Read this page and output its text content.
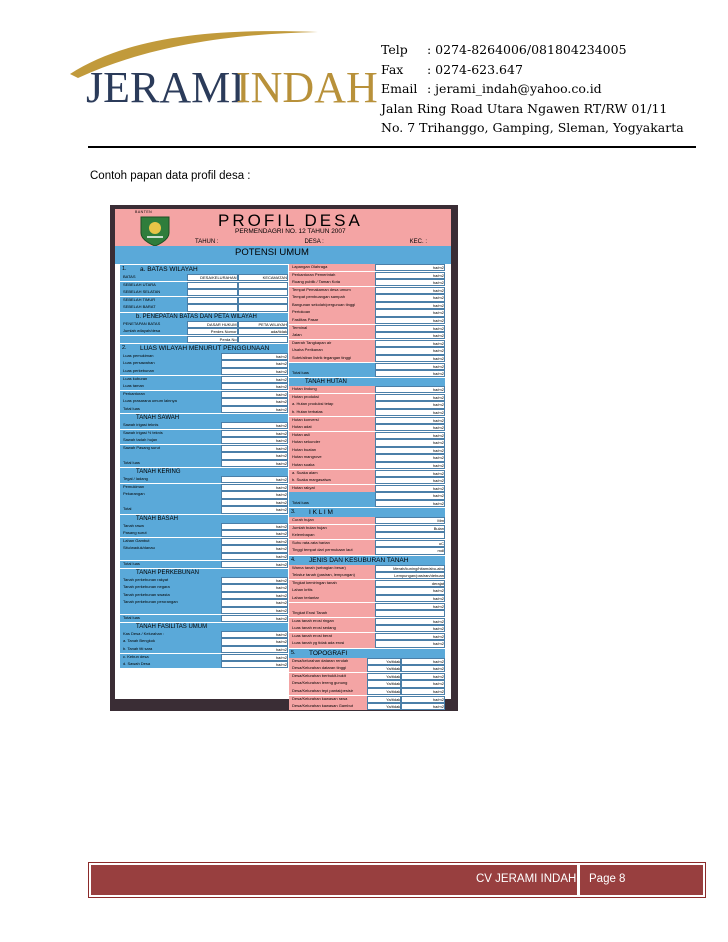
JERAMI
INDAH
Telp	: 0274-8264006/081804234005
Fax	: 0274-623.647
Email : jerami_indah@yahoo.co.id
Jalan Ring Road Utara Ngawen RT/RW 01/11
No. 7 Trihanggo, Gamping, Sleman, Yogyakarta
Contoh papan data profil desa :
BANTEN	PROFIL DESA
PERMENDAGRI NO. 12 TAHUN 2007
TAHUN :	DESA :	KEC. :
POTENSI UMUM
1.	a. BATAS WILAYAH
BATAS	DESA/KELURAHAN	KECAMATAN
SEBELAH UTARA
SEBELAH SELATAN
SEBELAH TIMUR
SEBELAH BARAT
b. PENEPATAN BATAS DAN PETA WILAYAH
PENETAPAN BATAS	DASAR HUKUM	PETA WILAYAH
Jumlah wilayah/desa	Perdes Nomor	ada/tidak
Perda No
2.	LUAS WILAYAH MENURUT PENGGUNAAN
Luas pemukiman	ha/m2
Luas persawahan	ha/m2
Luas perkebunan	ha/m2
Luas kuburan	ha/m2
Luas taman	ha/m2
Perkantoran	ha/m2
Luas prasarana umum lainnya	ha/m2
Total luas	ha/m2
TANAH SAWAH
Sawah irigasi teknis	ha/m2
Sawah irigasi ½ teknis	ha/m2
Sawah tadah hujan	ha/m2
Sawah Pasang surut	ha/m2
ha/m2
Total luas	ha/m2
TANAH KERING
Tegal / ladang	ha/m2
Pemukiman	ha/m2
Pekarangan	ha/m2
ha/m2
Total	ha/m2
TANAH BASAH
Tanah rawa	ha/m2
Pasang surut	ha/m2
Lahan Gambut	ha/m2
Situ/waduk/danau	ha/m2
ha/m2
Total luas	ha/m2
TANAH PERKEBUNAN
Tanah perkebunan rakyat	ha/m2
Tanah perkebunan negara	ha/m2
Tanah perkebunan swasta	ha/m2
Tanah perkebunan perorangan	ha/m2
ha/m2
Total luas	ha/m2
TANAH FASILITAS UMUM
Kas Desa / Kelurahan :	ha/m2
a. Tanah Bengkok	ha/m2
b. Tanah titi sara	ha/m2
c. Kebun desa	ha/m2
d. Sawah Desa	ha/m2
Lapangan Olahraga	ha/m2
Perkantoran Pemerintah	ha/m2
Ruang publik / Taman Kota	ha/m2
Tempat Pemakaman desa umum	ha/m2
Tempat pembuangan sampah	ha/m2
Bangunan sekolah/perguruan tinggi	ha/m2
Pertokoan	ha/m2
Fasilitas Pasar	ha/m2
Terminal	ha/m2
Jalan	ha/m2
Daerah Tangkapan air	ha/m2
Usaha Perikanan	ha/m2
Sutet/aliran listrik tegangan tinggi	ha/m2
ha/m2
Total luas	ha/m2
TANAH HUTAN
Hutan lindung	ha/m2
Hutan produksi	ha/m2
a. Hutan produksi tetap	ha/m2
b. Hutan terbatas	ha/m2
Hutan konversi	ha/m2
Hutan adat	ha/m2
Hutan asli	ha/m2
Hutan sekunder	ha/m2
Hutan buatan	ha/m2
Hutan mangrove	ha/m2
Hutan suaka	ha/m2
a. Suaka alam	ha/m2
b. Suaka margasatwa	ha/m2
Hutan rakyat	ha/m2
ha/m2
Total luas	ha/m2
3.	I K L I M
Curah hujan	Mm
Jumlah bulan hujan	Bulan
Kelembapan
Suhu rata-rata harian	oC
Tinggi tempat dari permukaan laut	mdl
4.	JENIS DAN KESUBURAN TANAH
Warna tanah (sebagian besar)	Merah/kuning/hitam/abu-abu
Tekstur tanah (pasiran, lempungan)	Lempungan/pasiran/debuan
Tingkat kemiringan tanah	derajat
Lahan kritis	ha/m2
Lahan terlantar	ha/m2
ha/m2
Tingkat Erosi Tanah
Luas tanah erosi ringan	ha/m2
Luas tanah erosi sedang	ha/m2
Luas tanah erosi berat	ha/m2
Luas tanah yg tidak ada erosi	ha/m2
5.	TOPOGRAFI
Desa/kelurahan dataran rendah	Ya/tidak	ha/m2
Desa/Kelurahan dataran tinggi	Ya/tidak	ha/m2
Desa/Kelurahan berbukit-bukit	Ya/tidak	ha/m2
Desa/Kelurahan lereng gunung	Ya/tidak	ha/m2
Desa/Kelurahan tepi pantai/pesisir	Ya/tidak	ha/m2
Desa/Kelurahan kawasan rawa	Ya/tidak	ha/m2
Desa/Kelurahan kawasan Gambut	Ya/tidak	ha/m2
CV JERAMI INDAH Page 8
